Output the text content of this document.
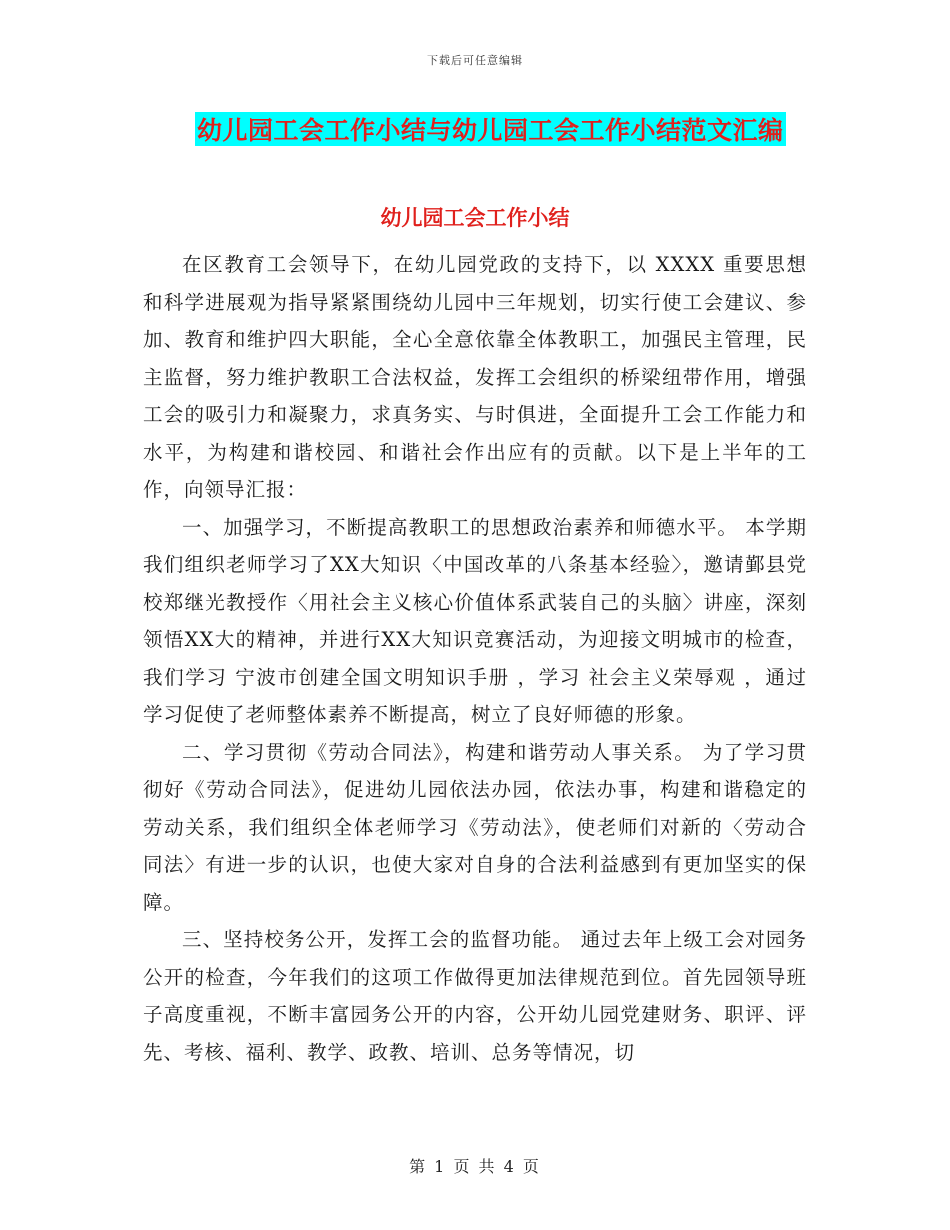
下载后可任意编辑
幼儿园工会工作小结与幼儿园工会工作小结范文汇编
幼儿园工会工作小结

在区教育工会领导下，在幼儿园党政的支持下，以 XXXX 重要思想和科学进展观为指导紧紧围绕幼儿园中三年规划，切实行使工会建议、参加、教育和维护四大职能，全心全意依靠全体教职工，加强民主管理，民主监督，努力维护教职工合法权益，发挥工会组织的桥梁纽带作用，增强工会的吸引力和凝聚力，求真务实、与时俱进，全面提升工会工作能力和水平，为构建和谐校园、和谐社会作出应有的贡献。以下是上半年的工作，向领导汇报：

一、加强学习，不断提高教职工的思想政治素养和师德水平。 本学期我们组织老师学习了XX大知识〈中国改革的八条基本经验〉，邀请鄞县党校郑继光教授作〈用社会主义核心价值体系武装自己的头脑〉讲座，深刻领悟XX大的精神，并进行XX大知识竞赛活动，为迎接文明城市的检查，我们学习 宁波市创建全国文明知识手册 ，学习 社会主义荣辱观 ，通过学习促使了老师整体素养不断提高，树立了良好师德的形象。

二、学习贯彻《劳动合同法》，构建和谐劳动人事关系。 为了学习贯彻好《劳动合同法》，促进幼儿园依法办园，依法办事，构建和谐稳定的劳动关系，我们组织全体老师学习《劳动法》，使老师们对新的〈劳动合同法〉有进一步的认识，也使大家对自身的合法利益感到有更加坚实的保障。

三、坚持校务公开，发挥工会的监督功能。 通过去年上级工会对园务公开的检查，今年我们的这项工作做得更加法律规范到位。首先园领导班子高度重视，不断丰富园务公开的内容，公开幼儿园党建财务、职评、评先、考核、福利、教学、政教、培训、总务等情况，切

第 1 页 共 4 页
